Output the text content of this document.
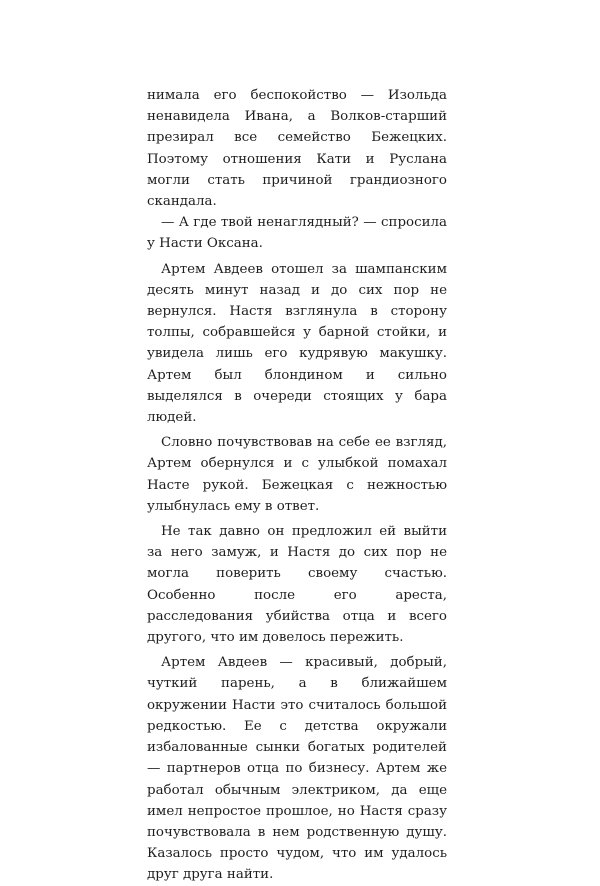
нимала его беспокойство — Изольда ненавидела Ивана, а Волков-старший презирал все семейство Бежецких. Поэтому отношения Кати и Руслана могли стать причиной грандиозного скандала.

— А где твой ненаглядный? — спросила у Насти Оксана.

Артем Авдеев отошел за шампанским десять минут назад и до сих пор не вернулся. Настя взглянула в сторону толпы, собравшейся у барной стойки, и увидела лишь его кудрявую макушку. Артем был блондином и сильно выделялся в очереди стоящих у бара людей.

Словно почувствовав на себе ее взгляд, Артем обернулся и с улыбкой помахал Насте рукой. Бежецкая с нежностью улыбнулась ему в ответ.

Не так давно он предложил ей выйти за него замуж, и Настя до сих пор не могла поверить своему счастью. Особенно после его ареста, расследования убийства отца и всего другого, что им довелось пережить.

Артем Авдеев — красивый, добрый, чуткий парень, а в ближайшем окружении Насти это считалось большой редкостью. Ее с детства окружали избалованные сынки богатых родителей — партнеров отца по бизнесу. Артем же работал обычным электриком, да еще имел непростое прошлое, но Настя сразу почувствовала в нем родственную душу. Казалось просто чудом, что им удалось друг друга найти.
